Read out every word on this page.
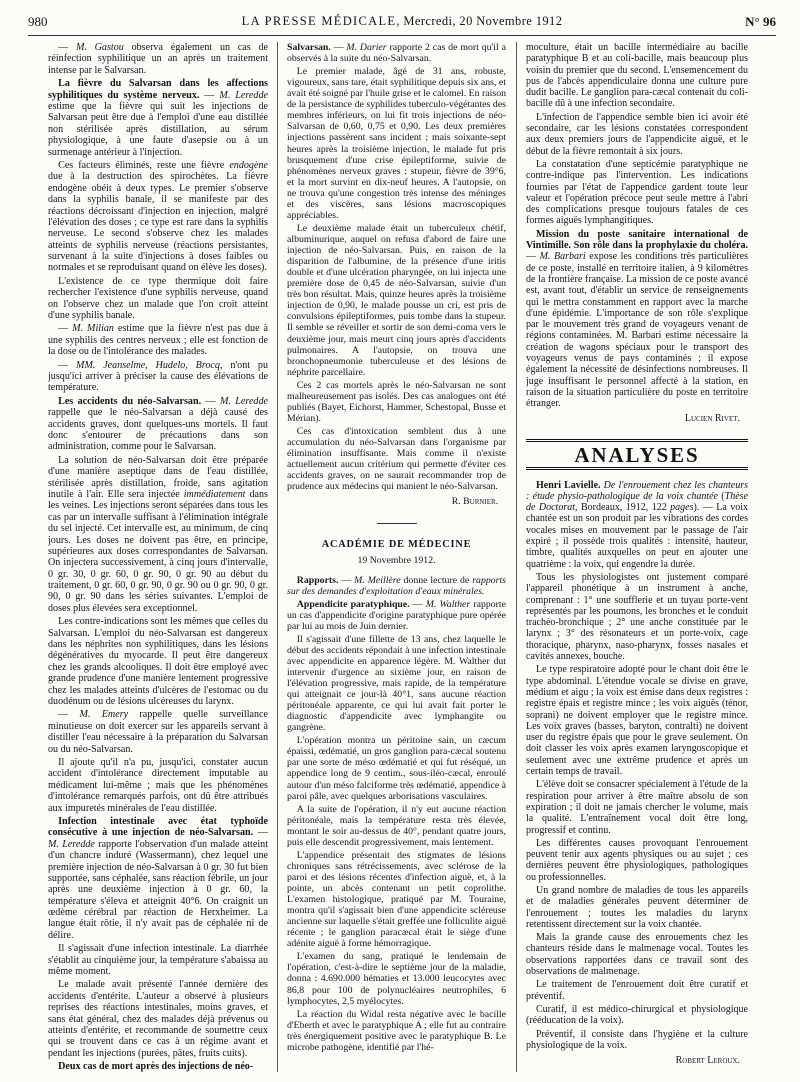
980	LA PRESSE MÉDICALE, Mercredi, 20 Novembre 1912	N° 96

— M. Gastou observa également un cas de réinfection syphilitique un an après un traitement intense par le Salvarsan.

La fièvre du Salvarsan dans les affections syphilitiques du système nerveux. — M. Leredde estime que la fièvre qui suit les injections de Salvarsan peut être due à l'emploi d'une eau distillée non stérilisée après distillation, au sérum physiologique, à une faute d'asepsie ou à un surmenage antérieur à l'injection.

Ces facteurs éliminés, reste une fièvre endogène due à la destruction des spirochètes. La fièvre endogène obéit à deux types. Le premier s'observe dans la syphilis banale, il se manifeste par des réactions décroissant d'injection en injection, malgré l'élévation des doses ; ce type est rare dans la syphilis nerveuse. Le second s'observe chez les malades atteints de syphilis nerveuse (réactions persistantes, survenant à la suite d'injections à doses faibles ou normales et se reproduisant quand on élève les doses).

L'existence de ce type thermique doit faire rechercher l'existence d'une syphilis nerveuse, quand on l'observe chez un malade que l'on croit atteint d'une syphilis banale.

— M. Milian estime que la fièvre n'est pas due à une syphilis des centres nerveux ; elle est fonction de la dose ou de l'intolérance des malades.

— MM. Jeanselme, Hudelo, Brocq, n'ont pu jusqu'ici arriver à préciser la cause des élévations de température.

Les accidents du néo-Salvarsan. — M. Leredde rappelle que le néo-Salvarsan a déjà causé des accidents graves, dont quelques-uns mortels. Il faut donc s'entourer de précautions dans son administration, comme pour le Salvarsan.

La solution de néo-Salvarsan doit être préparée d'une manière aseptique dans de l'eau distillée, stérilisée après distillation, froide, sans agitation inutile à l'air. Elle sera injectée immédiatement dans les veines. Les injections seront séparées dans tous les cas par un intervalle suffisant à l'élimination intégrale du sel injecté. Cet intervalle est, au minimum, de cinq jours. Les doses ne doivent pas être, en principe, supérieures aux doses correspondantes de Salvarsan. On injectera successivement, à cinq jours d'intervalle, 0 gr. 30, 0 gr. 60, 0 gr. 90, 0 gr. 90 au début du traitement, 0 gr. 60, 0 gr. 90, 0 gr. 90 ou 0 gr. 90, 0 gr. 90, 0 gr. 90 dans les séries suivantes. L'emploi de doses plus élevées sera exceptionnel.

Les contre-indications sont les mêmes que celles du Salvarsan. L'emploi du néo-Salvarsan est dangereux dans les néphrites non syphilitiques, dans les lésions dégénératives du myocarde. Il peut être dangereux chez les grands alcooliques. Il doit être employé avec grande prudence d'une manière lentement progressive chez les malades atteints d'ulcères de l'estomac ou du duodénum ou de lésions ulcéreuses du larynx.

— M. Emery rappelle quelle surveillance minutieuse on doit exercer sur les appareils servant à distiller l'eau nécessaire à la préparation du Salvarsan ou du néo-Salvarsan.

Il ajoute qu'il n'a pu, jusqu'ici, constater aucun accident d'intolérance directement imputable au médicament lui-même ; mais que les phénomènes d'intolérance remarqués parfois, ont dû être attribués aux impuretés minérales de l'eau distillée.

Infection intestinale avec état typhoïde consécutive à une injection de néo-Salvarsan. — M. Leredde rapporte l'observation d'un malade atteint d'un chancre induré (Wassermann), chez lequel une première injection de néo-Salvarsan à 0 gr. 30 fut bien supportée, sans céphalée, sans réaction fébrile, un jour après une deuxième injection à 0 gr. 60, la température s'éleva et atteignit 40°6. On craignit un œdème cérébral par réaction de Herxheimer. La langue était rôtie, il n'y avait pas de céphalée ni de délire.

Il s'agissait d'une infection intestinale. La diarrhée s'établit au cinquième jour, la température s'abaissa au même moment.

Le malade avait présenté l'année dernière des accidents d'entérite. L'auteur a observé à plusieurs reprises des réactions intestinales, moins graves, et sans état général, chez des malades déjà prévenus ou atteints d'entérite, et recommande de soumettre ceux qui se trouvent dans ce cas à un régime avant et pendant les injections (purées, pâtes, fruits cuits).

Deux cas de mort après des injections de néo-

Salvarsan. — M. Darier rapporte 2 cas de mort qu'il a observés à la suite du néo-Salvarsan.

Le premier malade, âgé de 31 ans, robuste, vigoureux, sans tare, était syphilitique depuis six ans, et avait été soigné par l'huile grise et le calomel. En raison de la persistance de syphilides tuberculo-végétantes des membres inférieurs, on lui fit trois injections de néo-Salvarsan de 0,60, 0,75 et 0,90. Les deux premières injections passèrent sans incident ; mais soixante-sept heures après la troisième injection, le malade fut pris brusquement d'une crise épileptiforme, suivie de phénomènes nerveux graves : stupeur, fièvre de 39°6, et la mort survint en dix-neuf heures. A l'autopsie, on ne trouva qu'une congestion très intense des méninges et des viscères, sans lésions macroscopiques appréciables.

Le deuxième malade était un tuberculeux chétif, albuminurique, auquel on refusa d'abord de faire une injection de néo-Salvarsan. Puis, en raison de la disparition de l'albumine, de la présence d'une iritis double et d'une ulcération pharyngée, on lui injecta une première dose de 0,45 de néo-Salvarsan, suivie d'un très bon résultat. Mais, quinze heures après la troisième injection de 0,90, le malade pousse un cri, est pris de convulsions épileptiformes, puis tombe dans la stupeur. Il semble se réveiller et sortir de son demi-coma vers le deuxième jour, mais meurt cinq jours après d'accidents pulmonaires. A l'autopsie, on trouva une bronchopneumonie tuberculeuse et des lésions de néphrite parcellaire.

Ces 2 cas mortels après le néo-Salvarsan ne sont malheureusement pas isolés. Des cas analogues ont été publiés (Bayet, Eichorst, Hammer, Schestopal, Busse et Mérian).

Ces cas d'intoxication semblent dus à une accumulation du néo-Salvarsan dans l'organisme par élimination insuffisante. Mais comme il n'existe actuellement aucun critérium qui permette d'éviter ces accidents graves, on ne saurait recommander trop de prudence aux médecins qui manient le néo-Salvarsan.

R. Burnier.
ACADÉMIE DE MÉDECINE
19 Novembre 1912.

Rapports. — M. Meillère donne lecture de rapports sur des demandes d'exploitation d'eaux minérales.

Appendicite paratyphique. — M. Walther rapporte un cas d'appendicite d'origine paratyphique pure opérée par lui au mois de Juin dernier.

Il s'agissait d'une fillette de 13 ans, chez laquelle le début des accidents répondait à une infection intestinale avec appendicite en apparence légère. M. Walther dut intervenir d'urgence au sixième jour, en raison de l'élévation progressive, mais rapide, de la température qui atteignait ce jour-là 40°1, sans aucune réaction péritonéale apparente, ce qui lui avait fait porter le diagnostic d'appendicite avec lymphangite ou gangrène.

L'opération montra un péritoine sain, un cæcum épaissi, œdématié, un gros ganglion para-cæcal soutenu par une sorte de méso œdématié et qui fut réséqué, un appendice long de 9 centim., sous-iléo-cæcal, enroulé autour d'un méso falciforme très œdématié, appendice à paroi pâle, avec quelques arborisations vasculaires.

A la suite de l'opération, il n'y eut aucune réaction péritonéale, mais la température resta très élevée, montant le soir au-dessus de 40°, pendant quatre jours, puis elle descendit progressivement, mais lentement.

L'appendice présentait des stigmates de lésions chroniques sans rétrécissements, avec sclérose de la paroi et des lésions récentes d'infection aiguë, et, à la pointe, un abcès contenant un petit coprolithe. L'examen histologique, pratiqué par M. Touraine, montra qu'il s'agissait bien d'une appendicite scléreuse ancienne sur laquelle s'était greffée une folliculite aiguë récente ; le ganglion paracæcal était le siège d'une adénite aiguë à forme hémorragique.

L'examen du sang, pratiqué le lendemain de l'opération, c'est-à-dire le septième jour de la maladie, donna : 4.690.000 hématies et 13.000 leucocytes avec 86,8 pour 100 de polynucléaires neutrophiles, 6 lymphocytes, 2,5 myélocytes.

La réaction du Widal resta négative avec le bacille d'Eberth et avec le paratyphique A ; elle fut au contraire très énergiquement positive avec le paratyphique B. Le microbe pathogène, identifié par l'hé-

moculture, était un bacille intermédiaire au bacille paratyphique B et au coli-bacille, mais beaucoup plus voisin du premier que du second. L'ensemencement du pus de l'abcès appendiculaire donna une culture pure dudit bacille. Le ganglion para-cæcal contenait du coli-bacille dû à une infection secondaire.

L'infection de l'appendice semble bien ici avoir été secondaire, car les lésions constatées correspondent aux deux premiers jours de l'appendicite aiguë, et le début de la fièvre remontait à six jours.

La constatation d'une septicémie paratyphique ne contre-indique pas l'intervention. Les indications fournies par l'état de l'appendice gardent toute leur valeur et l'opération précoce peut seule mettre à l'abri des complications presque toujours fatales de ces formes aiguës lymphangitiques.

Mission du poste sanitaire international de Vintimille. Son rôle dans la prophylaxie du choléra. — M. Barbari expose les conditions très particulières de ce poste, installé en territoire italien, à 9 kilomètres de la frontière française. La mission de ce poste avancé est, avant tout, d'établir un service de renseignements qui le mettra constamment en rapport avec la marche d'une épidémie. L'importance de son rôle s'explique par le mouvement très grand de voyageurs venant de régions contaminées. M. Barbari estime nécessaire la création de wagons spéciaux pour le transport des voyageurs venus de pays contaminés ; il expose également la nécessité de désinfections nombreuses. Il juge insuffisant le personnel affecté à la station, en raison de la situation particulière du poste en territoire étranger.

Lucien Rivet.
ANALYSES

Henri Lavielle. De l'enrouement chez les chanteurs : étude physio-pathologique de la voix chantée (Thèse de Doctorat, Bordeaux, 1912, 122 pages). — La voix chantée est un son produit par les vibrations des cordes vocales mises en mouvement par le passage de l'air expiré ; il possède trois qualités : intensité, hauteur, timbre, qualités auxquelles on peut en ajouter une quatrième : la voix, qui engendre la durée.

Tous les physiologistes ont justement comparé l'appareil phonétique à un instrument à anche, comprenant : 1° une soufflerie et un tuyau porte-vent représentés par les poumons, les bronches et le conduit trachéo-bronchique ; 2° une anche constituée par le larynx ; 3° des résonateurs et un porte-voix, cage thoracique, pharynx, naso-pharynx, fosses nasales et cavités annexes, bouche.

Le type respiratoire adopté pour le chant doit être le type abdominal. L'étendue vocale se divise en grave, médium et aigu ; la voix est émise dans deux registres : registre épais et registre mince ; les voix aiguës (ténor, soprani) ne doivent employer que le registre mince. Les voix graves (basses, baryton, contralti) ne doivent user du registre épais que pour le grave seulement. On doit classer les voix après examen laryngoscopique et seulement avec une extrême prudence et après un certain temps de travail.

L'élève doit se consacrer spécialement à l'étude de la respiration pour arriver à être maître absolu de son expiration ; il doit ne jamais chercher le volume, mais la qualité. L'entraînement vocal doit être long, progressif et continu.

Les différentes causes provoquant l'enrouement peuvent tenir aux agents physiques ou au sujet ; ces dernières peuvent être physiologiques, pathologiques ou professionnelles.

Un grand nombre de maladies de tous les appareils et de maladies générales peuvent déterminer de l'enrouement ; toutes les maladies du larynx retentissent directement sur la voix chantée.

Mais la grande cause des enrouements chez les chanteurs réside dans le malmenage vocal. Toutes les observations rapportées dans ce travail sont des observations de malmenage.

Le traitement de l'enrouement doit être curatif et préventif.

Curatif, il est médico-chirurgical et physiologique (rééducation de la voix).

Préventif, il consiste dans l'hygiène et la culture physiologique de la voix.

Robert Leroux.
